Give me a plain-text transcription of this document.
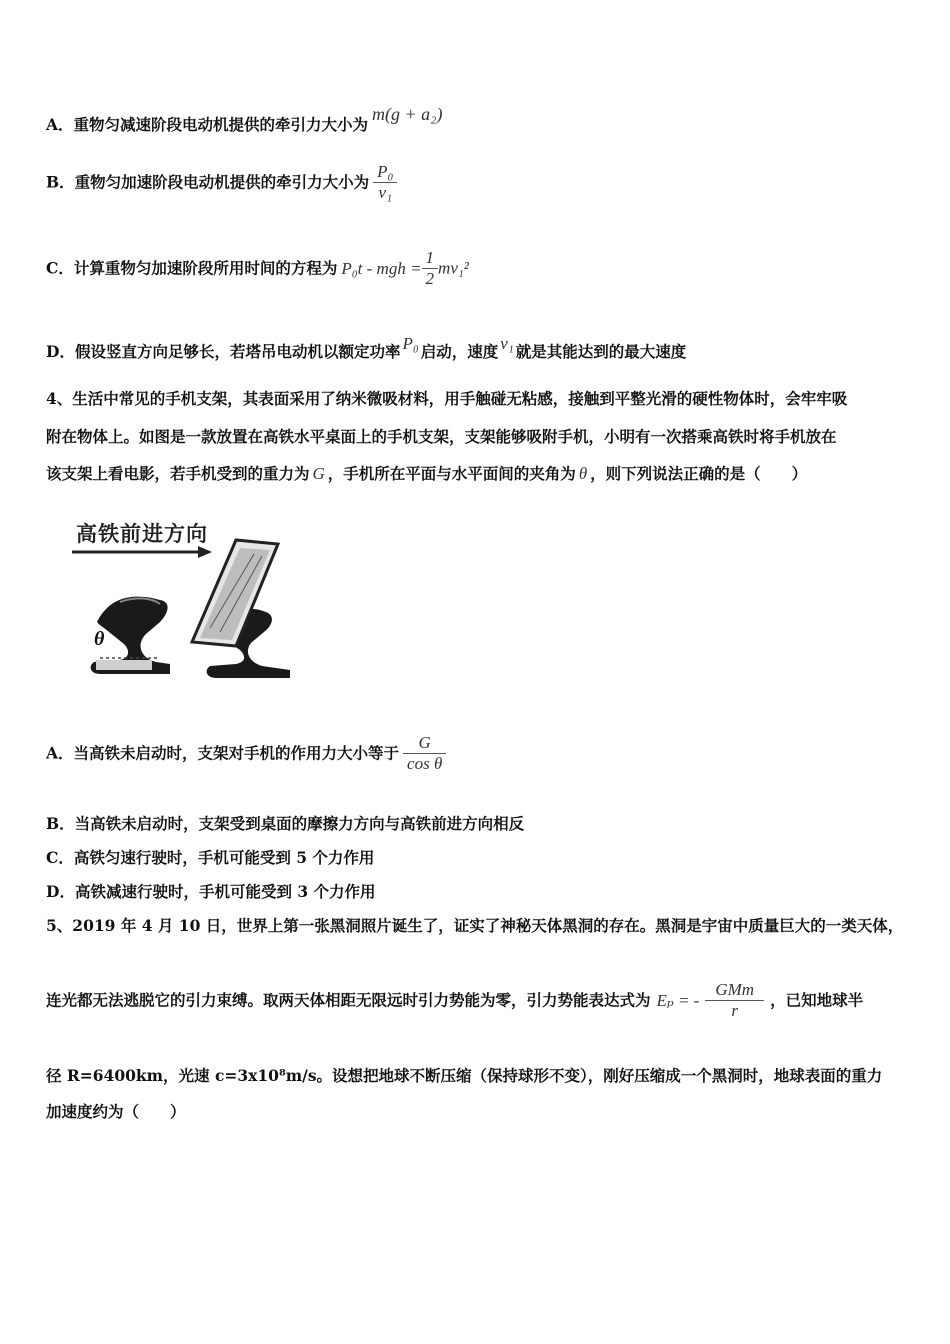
A．重物匀减速阶段电动机提供的牵引力大小为m(g + a₂)
B．重物匀加速阶段电动机提供的牵引力大小为 $\frac{\text{P₀}}{\text{v₁}}$
C．计算重物匀加速阶段所用时间的方程为 P₀t - mgh = $\frac{1}{2} mv_1^2$
D．假设竖直方向足够长，若塔吊电动机以额定功率 P₀ 启动，速度 v₁ 就是其能达到的最大速度
4、生活中常见的手机支架，其表面采用了纳米微吸材料，用手触碰无粘感，接触到平整光滑的硬性物体时，会牢牢吸
附在物体上。如图是一款放置在高铁水平桌面上的手机支架，支架能够吸附手机，小明有一次搭乘高铁时将手机放在
该支架上看电影，若手机受到的重力为 G ，手机所在平面与水平面间的夹角为 θ ，则下列说法正确的是（　　）
高铁前进方向
θ
A．当高铁未启动时，支架对手机的作用力大小等于 $\frac{G}{\text{cos θ}}$
B．当高铁未启动时，支架受到桌面的摩擦力方向与高铁前进方向相反
C．高铁匀速行驶时，手机可能受到 5 个力作用
D．高铁减速行驶时，手机可能受到 3 个力作用
5、2019 年 4 月 10 日，世界上第一张黑洞照片诞生了，证实了神秘天体黑洞的存在。黑洞是宇宙中质量巨大的一类天体，
连光都无法逃脱它的引力束缚。取两天体相距无限远时引力势能为零，引力势能表达式为 Eₚ = - $\frac{\text{GMm}}{r}$ ，已知地球半
径 R=6400km，光速 c=3x10⁸m/s。设想把地球不断压缩（保持球形不变），刚好压缩成一个黑洞时，地球表面的重力
加速度约为（　　）
